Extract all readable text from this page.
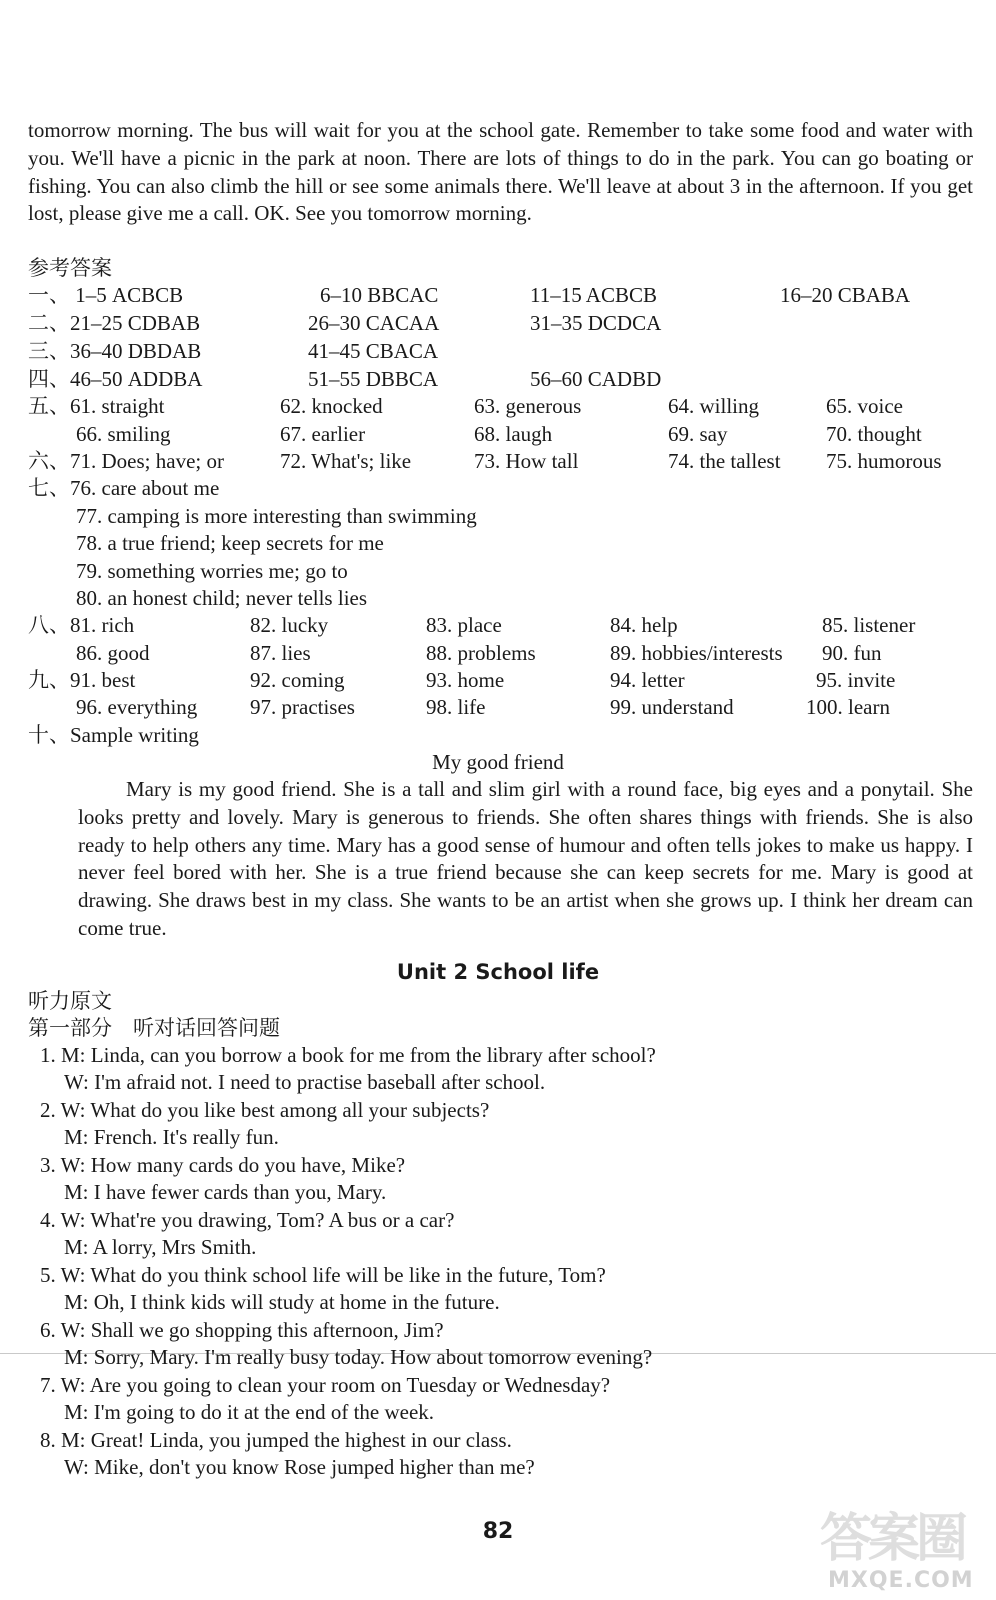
tomorrow morning. The bus will wait for you at the school gate. Remember to take some food and water with you. We'll have a picnic in the park at noon. There are lots of things to do in the park. You can go boating or fishing. You can also climb the hill or see some animals there. We'll leave at about 3 in the afternoon. If you get lost, please give me a call. OK. See you tomorrow morning.
参考答案
一、 1–5 ACBCB	6–10 BBCAC	11–15 ACBCB	16–20 CBABA
二、21–25 CDBAB	26–30 CACAA	31–35 DCDCA
三、36–40 DBDAB	41–45 CBACA
四、46–50 ADDBA	51–55 DBBCA	56–60 CADBD
五、61. straight	62. knocked	63. generous	64. willing	65. voice
66. smiling	67. earlier	68. laugh	69. say	70. thought
六、71. Does; have; or	72. What's; like	73. How tall	74. the tallest 75. humorous
七、76. care about me
77. camping is more interesting than swimming
78. a true friend; keep secrets for me
79. something worries me; go to
80. an honest child; never tells lies
八、81. rich	82. lucky	83. place	84. help	85. listener
86. good	87. lies	88. problems	89. hobbies/interests 90. fun
九、91. best	92. coming	93. home	94. letter	95. invite
96. everything	97. practises	98. life	99. understand	100. learn
十、Sample writing
My good friend
Mary is my good friend. She is a tall and slim girl with a round face, big eyes and a ponytail. She looks pretty and lovely. Mary is generous to friends. She often shares things with friends. She is also ready to help others any time. Mary has a good sense of humour and often tells jokes to make us happy. I never feel bored with her. She is a true friend because she can keep secrets for me. Mary is good at drawing. She draws best in my class. She wants to be an artist when she grows up. I think her dream can come true.
Unit 2 School life
听力原文
第一部分　听对话回答问题
1. M: Linda, can you borrow a book for me from the library after school?
W: I'm afraid not. I need to practise baseball after school.
2. W: What do you like best among all your subjects?
M: French. It's really fun.
3. W: How many cards do you have, Mike?
M: I have fewer cards than you, Mary.
4. W: What're you drawing, Tom? A bus or a car?
M: A lorry, Mrs Smith.
5. W: What do you think school life will be like in the future, Tom?
M: Oh, I think kids will study at home in the future.
6. W: Shall we go shopping this afternoon, Jim?
M: Sorry, Mary. I'm really busy today. How about tomorrow evening?
7. W: Are you going to clean your room on Tuesday or Wednesday?
M: I'm going to do it at the end of the week.
8. M: Great! Linda, you jumped the highest in our class.
W: Mike, don't you know Rose jumped higher than me?
82	答案圈
MXQE.COM
